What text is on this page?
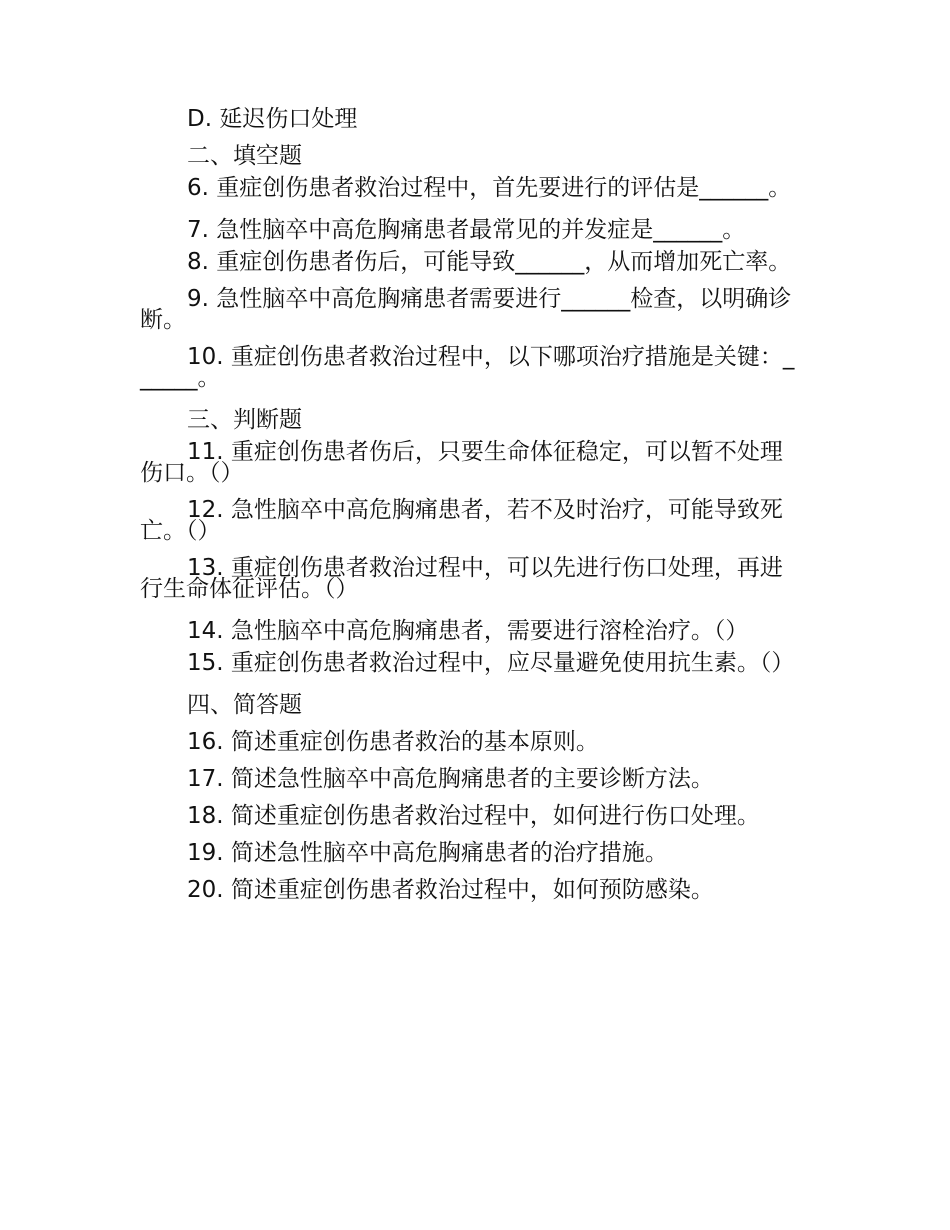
D. 延迟伤口处理

二、填空题

6. 重症创伤患者救治过程中，首先要进行的评估是______。

7. 急性脑卒中高危胸痛患者最常见的并发症是______。

8. 重症创伤患者伤后，可能导致______，从而增加死亡率。

9. 急性脑卒中高危胸痛患者需要进行______检查，以明确诊断。

10. 重症创伤患者救治过程中，以下哪项治疗措施是关键：______。

三、判断题

11. 重症创伤患者伤后，只要生命体征稳定，可以暂不处理伤口。（）

12. 急性脑卒中高危胸痛患者，若不及时治疗，可能导致死亡。（）

13. 重症创伤患者救治过程中，可以先进行伤口处理，再进行生命体征评估。（）

14. 急性脑卒中高危胸痛患者，需要进行溶栓治疗。（）

15. 重症创伤患者救治过程中，应尽量避免使用抗生素。（）

四、简答题

16. 简述重症创伤患者救治的基本原则。

17. 简述急性脑卒中高危胸痛患者的主要诊断方法。

18. 简述重症创伤患者救治过程中，如何进行伤口处理。

19. 简述急性脑卒中高危胸痛患者的治疗措施。

20. 简述重症创伤患者救治过程中，如何预防感染。
